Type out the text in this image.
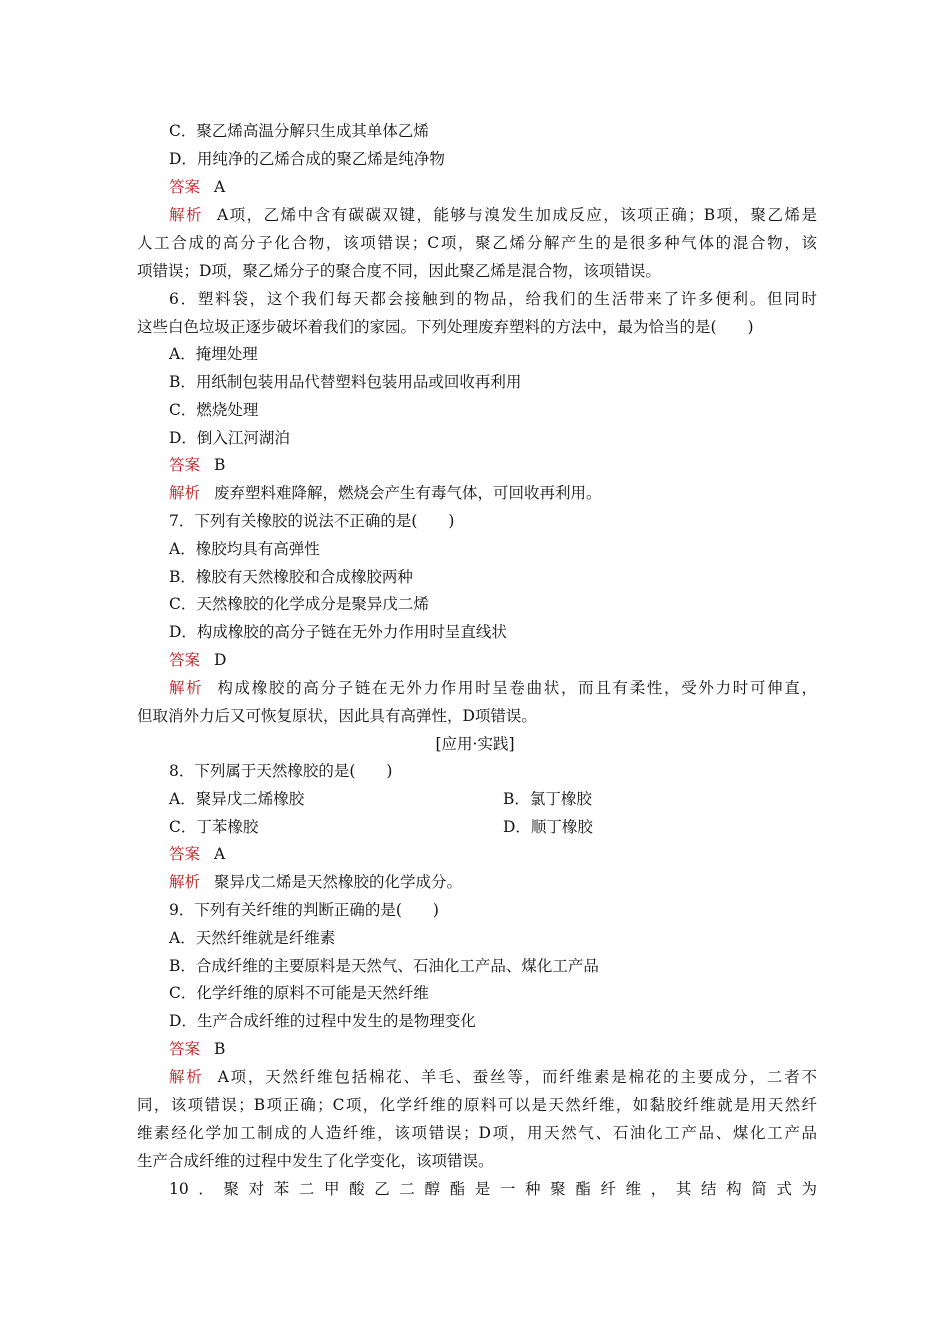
C．聚乙烯高温分解只生成其单体乙烯
D．用纯净的乙烯合成的聚乙烯是纯净物
答案 A
解析 A项，乙烯中含有碳碳双键，能够与溴发生加成反应，该项正确；B项，聚乙烯是
人工合成的高分子化合物，该项错误；C项，聚乙烯分解产生的是很多种气体的混合物，该
项错误；D项，聚乙烯分子的聚合度不同，因此聚乙烯是混合物，该项错误。
6．塑料袋，这个我们每天都会接触到的物品，给我们的生活带来了许多便利。但同时
这些白色垃圾正逐步破坏着我们的家园。下列处理废弃塑料的方法中，最为恰当的是(　　)
A．掩埋处理
B．用纸制包装用品代替塑料包装用品或回收再利用
C．燃烧处理
D．倒入江河湖泊
答案 B
解析 废弃塑料难降解，燃烧会产生有毒气体，可回收再利用。
7．下列有关橡胶的说法不正确的是(　　)
A．橡胶均具有高弹性
B．橡胶有天然橡胶和合成橡胶两种
C．天然橡胶的化学成分是聚异戊二烯
D．构成橡胶的高分子链在无外力作用时呈直线状
答案 D
解析 构成橡胶的高分子链在无外力作用时呈卷曲状，而且有柔性，受外力时可伸直，
但取消外力后又可恢复原状，因此具有高弹性，D项错误。
[应用·实践]
8．下列属于天然橡胶的是(　　)
A．聚异戊二烯橡胶	B．氯丁橡胶
C．丁苯橡胶	D．顺丁橡胶
答案 A
解析 聚异戊二烯是天然橡胶的化学成分。
9．下列有关纤维的判断正确的是(　　)
A．天然纤维就是纤维素
B．合成纤维的主要原料是天然气、石油化工产品、煤化工产品
C．化学纤维的原料不可能是天然纤维
D．生产合成纤维的过程中发生的是物理变化
答案 B
解析 A项，天然纤维包括棉花、羊毛、蚕丝等，而纤维素是棉花的主要成分，二者不
同，该项错误；B项正确；C项，化学纤维的原料可以是天然纤维，如黏胶纤维就是用天然纤
维素经化学加工制成的人造纤维，该项错误；D项，用天然气、石油化工产品、煤化工产品
生产合成纤维的过程中发生了化学变化，该项错误。
10．聚对苯二甲酸乙二醇酯是一种聚酯纤维，其结构简式为
